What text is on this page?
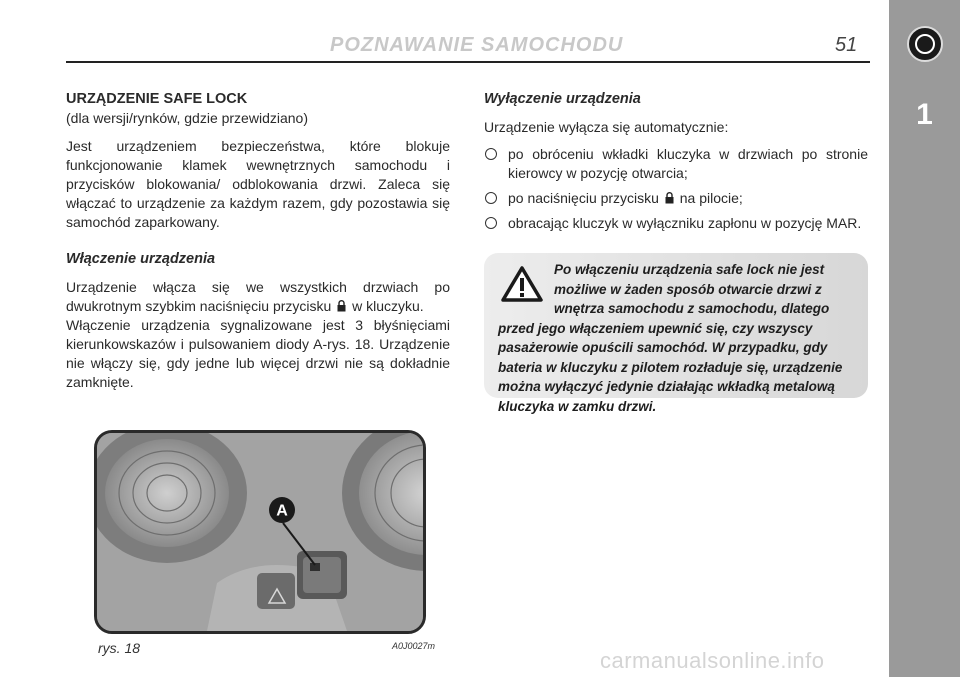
POZNAWANIE SAMOCHODU	51
1
URZĄDZENIE SAFE LOCK

(dla wersji/rynków, gdzie przewidziano)

Jest urządzeniem bezpieczeństwa, które blokuje funkcjonowanie klamek wewnętrznych samochodu i przycisków blokowania/ odblokowania drzwi. Zaleca się włączać to urządzenie za każdym razem, gdy pozostawia się samochód zaparkowany.

Włączenie urządzenia

Urządzenie włącza się we wszystkich drzwiach po dwukrotnym szybkim naciśnięciu przycisku w kluczyku.

Włączenie urządzenia sygnalizowane jest 3 błyśnięciami kierunkowskazów i pulsowaniem diody A-rys. 18. Urządzenie nie włączy się, gdy jedne lub więcej drzwi nie są dokładnie zamknięte.

Wyłączenie urządzenia

Urządzenie wyłącza się automatycznie:

po obróceniu wkładki kluczyka w drzwiach po stronie kierowcy w pozycję otwarcia;
po naciśnięciu przycisku na pilocie;
obracając kluczyk w wyłączniku zapłonu w pozycję MAR.
Po włączeniu urządzenia safe lock nie jest możliwe w żaden sposób otwarcie drzwi z wnętrza samochodu z samochodu, dlatego przed jego włączeniem upewnić się, czy wszyscy pasażerowie opuścili samochód. W przypadku, gdy bateria w kluczyku z pilotem rozładuje się, urządzenie można wyłączyć jedynie działając wkładką metalową kluczyka w zamku drzwi.
A
rys. 18	A0J0027m
carmanualsonline.info
